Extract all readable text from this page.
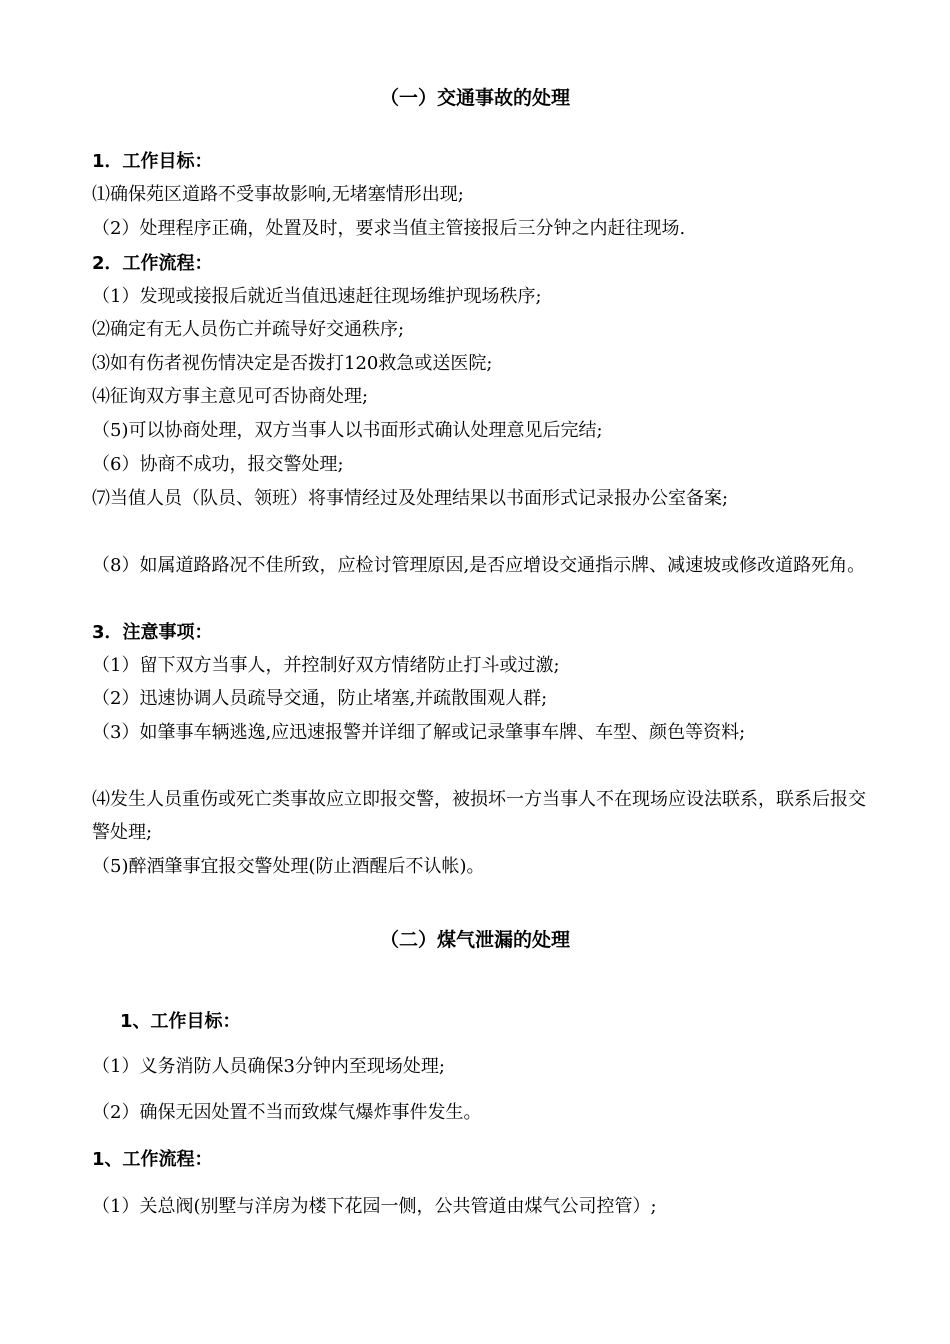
（一）交通事故的处理
1．工作目标：
⑴确保苑区道路不受事故影响,无堵塞情形出现;
（2）处理程序正确，处置及时，要求当值主管接报后三分钟之内赶往现场.
2．工作流程：
（1）发现或接报后就近当值迅速赶往现场维护现场秩序;
⑵确定有无人员伤亡并疏导好交通秩序;
⑶如有伤者视伤情决定是否拨打120救急或送医院;
⑷征询双方事主意见可否协商处理;
（5)可以协商处理，双方当事人以书面形式确认处理意见后完结;
（6）协商不成功，报交警处理;
⑺当值人员（队员、领班）将事情经过及处理结果以书面形式记录报办公室备案;
（8）如属道路路况不佳所致，应检讨管理原因,是否应增设交通指示牌、减速坡或修改道路死角。
3．注意事项：
（1）留下双方当事人，并控制好双方情绪防止打斗或过激;
（2）迅速协调人员疏导交通，防止堵塞,并疏散围观人群;
（3）如肇事车辆逃逸,应迅速报警并详细了解或记录肇事车牌、车型、颜色等资料;
⑷发生人员重伤或死亡类事故应立即报交警，被损坏一方当事人不在现场应设法联系，联系后报交警处理;
（5)醉酒肇事宜报交警处理(防止酒醒后不认帐)。
（二）煤气泄漏的处理
1、工作目标：
（1）义务消防人员确保3分钟内至现场处理;
（2）确保无因处置不当而致煤气爆炸事件发生。
1、工作流程：
（1）关总阀(别墅与洋房为楼下花园一侧，公共管道由煤气公司控管）;
